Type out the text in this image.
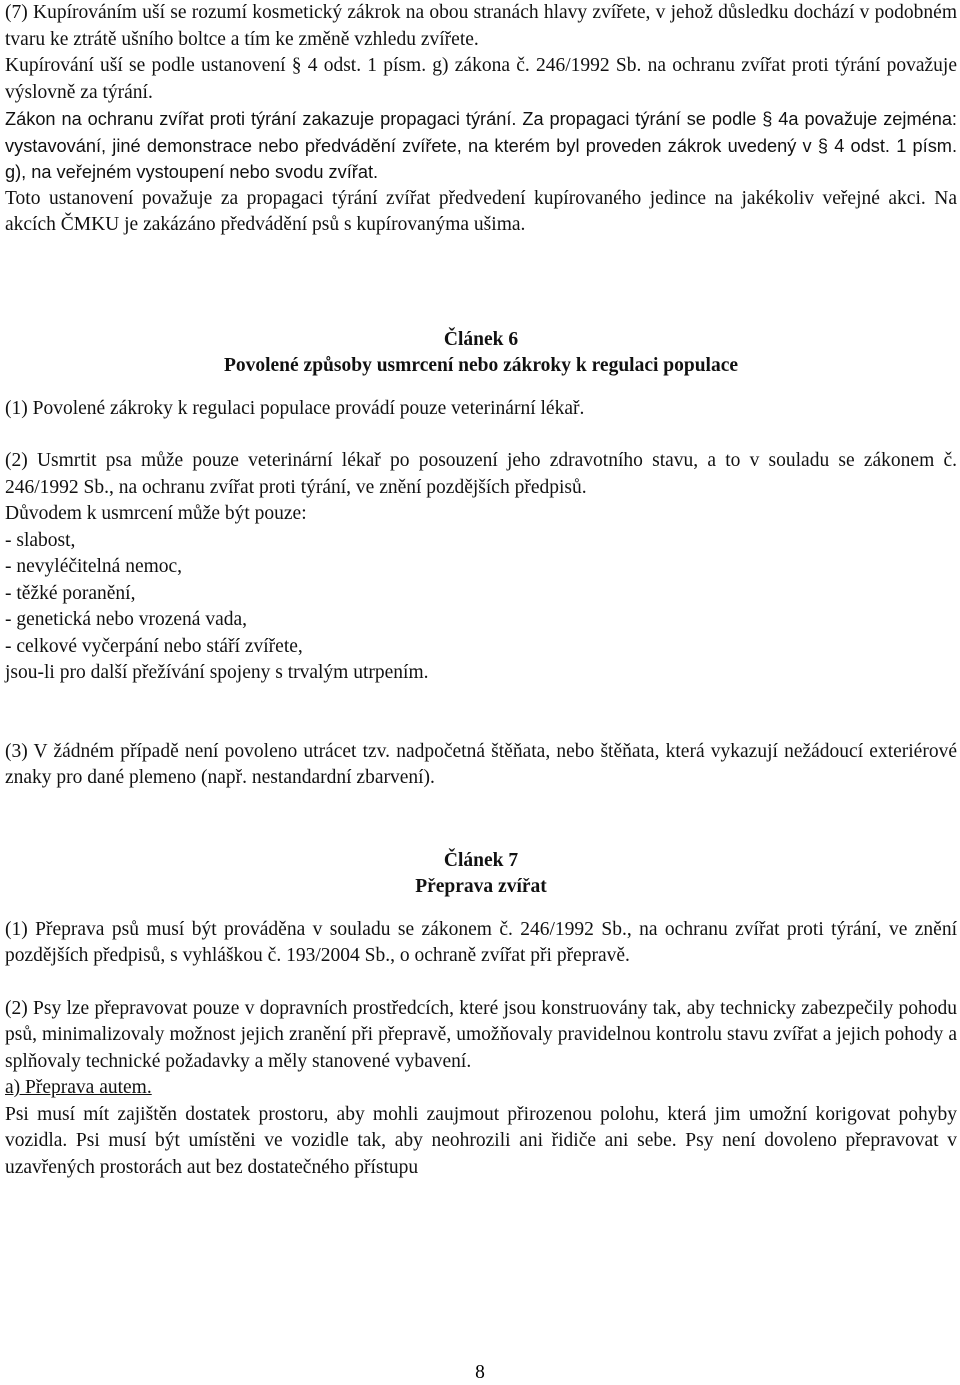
(7) Kupírováním uší se rozumí kosmetický zákrok na obou stranách hlavy zvířete, v jehož důsledku dochází v podobném tvaru ke ztrátě ušního boltce a tím ke změně vzhledu zvířete.

Kupírování uší se podle ustanovení § 4 odst. 1 písm. g) zákona č. 246/1992 Sb. na ochranu zvířat proti týrání považuje výslovně za týrání.

Zákon na ochranu zvířat proti týrání zakazuje propagaci týrání. Za propagaci týrání se podle § 4a považuje zejména: vystavování, jiné demonstrace nebo předvádění zvířete, na kterém byl proveden zákrok uvedený v § 4 odst. 1 písm. g), na veřejném vystoupení nebo svodu zvířat.

Toto ustanovení považuje za propagaci týrání zvířat předvedení kupírovaného jedince na jakékoliv veřejné akci. Na akcích ČMKU je zakázáno předvádění psů s kupírovanýma ušima.

Článek 6

Povolené způsoby usmrcení nebo zákroky k regulaci populace

(1) Povolené zákroky k regulaci populace provádí pouze veterinární lékař.

(2) Usmrtit psa může pouze veterinární lékař po posouzení jeho zdravotního stavu, a to v souladu se zákonem č. 246/1992 Sb., na ochranu zvířat proti týrání, ve znění pozdějších předpisů.

Důvodem k usmrcení může být pouze:

- slabost,

- nevyléčitelná nemoc,

- těžké poranění,

- genetická nebo vrozená vada,

- celkové vyčerpání nebo stáří zvířete,

jsou-li pro další přežívání spojeny s trvalým utrpením.

(3) V žádném případě není povoleno utrácet tzv. nadpočetná štěňata, nebo štěňata, která vykazují nežádoucí exteriérové znaky pro dané plemeno (např. nestandardní zbarvení).

Článek 7

Přeprava zvířat

(1) Přeprava psů musí být prováděna v souladu se zákonem č. 246/1992 Sb., na ochranu zvířat proti týrání, ve znění pozdějších předpisů, s vyhláškou č. 193/2004 Sb., o ochraně zvířat při přepravě.

(2) Psy lze přepravovat pouze v dopravních prostředcích, které jsou konstruovány tak, aby technicky zabezpečily pohodu psů, minimalizovaly možnost jejich zranění při přepravě, umožňovaly pravidelnou kontrolu stavu zvířat a jejich pohody a splňovaly technické požadavky a měly stanovené vybavení.

a) Přeprava autem.

Psi musí mít zajištěn dostatek prostoru, aby mohli zaujmout přirozenou polohu, která jim umožní korigovat pohyby vozidla. Psi musí být umístěni ve vozidle tak, aby neohrozili ani řidiče ani sebe. Psy není dovoleno přepravovat v uzavřených prostorách aut bez dostatečného přístupu

8
